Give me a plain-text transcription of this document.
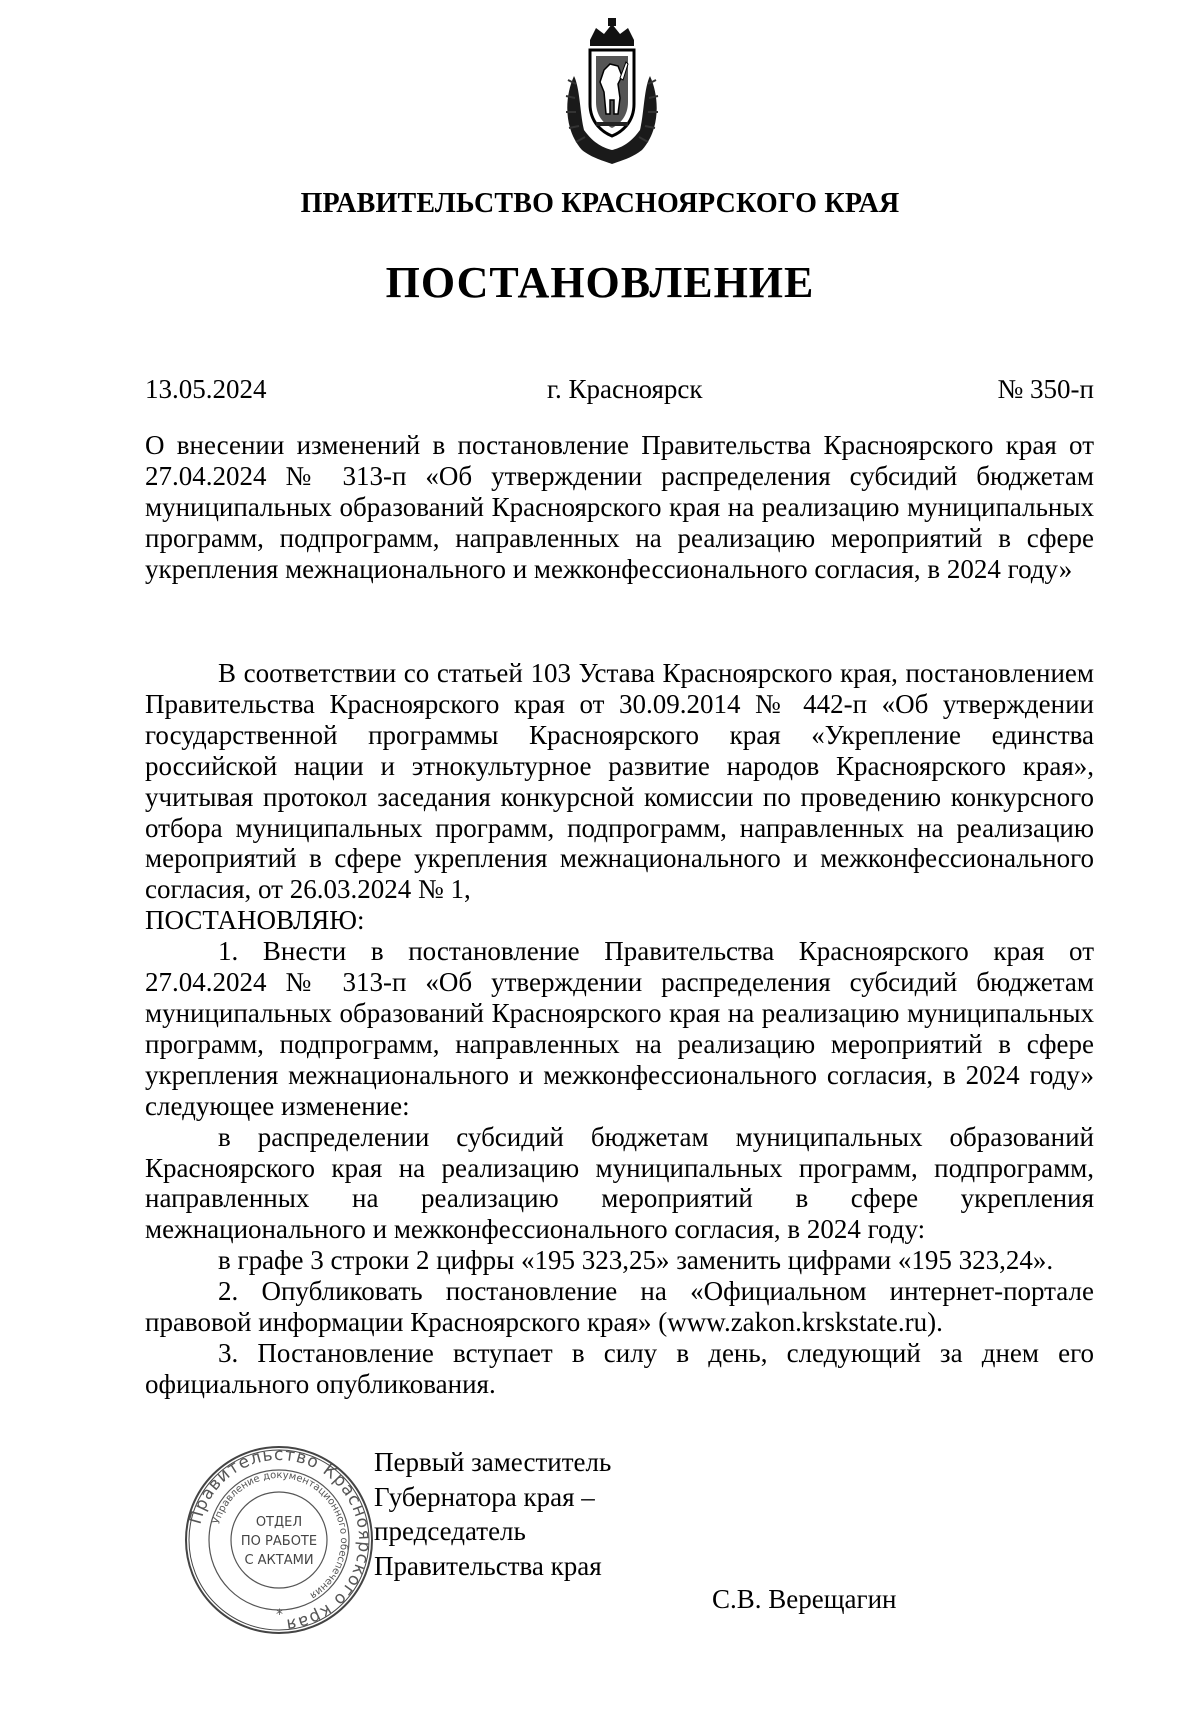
ПРАВИТЕЛЬСТВО КРАСНОЯРСКОГО КРАЯ
ПОСТАНОВЛЕНИЕ
13.05.2024	г. Красноярск	№ 350-п

О внесении изменений в постановление Правительства Красноярского края от 27.04.2024 № 313-п «Об утверждении распределения субсидий бюджетам муниципальных образований Красноярского края на реализацию муниципальных программ, подпрограмм, направленных на реализацию мероприятий в сфере укрепления межнационального и межконфессионального согласия, в 2024 году»

В соответствии со статьей 103 Устава Красноярского края, постановлением Правительства Красноярского края от 30.09.2014 № 442-п «Об утверждении государственной программы Красноярского края «Укрепление единства российской нации и этнокультурное развитие народов Красноярского края», учитывая протокол заседания конкурсной комиссии по проведению конкурсного отбора муниципальных программ, подпрограмм, направленных на реализацию мероприятий в сфере укрепления межнационального и межконфессионального согласия, от 26.03.2024 № 1,

ПОСТАНОВЛЯЮ:

1. Внести в постановление Правительства Красноярского края от 27.04.2024 № 313-п «Об утверждении распределения субсидий бюджетам муниципальных образований Красноярского края на реализацию муниципальных программ, подпрограмм, направленных на реализацию мероприятий в сфере укрепления межнационального и межконфессионального согласия, в 2024 году» следующее изменение:

в распределении субсидий бюджетам муниципальных образований Красноярского края на реализацию муниципальных программ, подпрограмм, направленных на реализацию мероприятий в сфере укрепления межнационального и межконфессионального согласия, в 2024 году:

в графе 3 строки 2 цифры «195 323,25» заменить цифрами «195 323,24».

2. Опубликовать постановление на «Официальном интернет-портале правовой информации Красноярского края» (www.zakon.krskstate.ru).

3. Постановление вступает в силу в день, следующий за днем его официального опубликования.

Правительство Красноярского края
Управление документационного обеспечения
ОТДЕЛ
ПО РАБОТЕ
С АКТАМИ
*
Первый заместитель
Губернатора края –
председатель
Правительства края
С.В. Верещагин
